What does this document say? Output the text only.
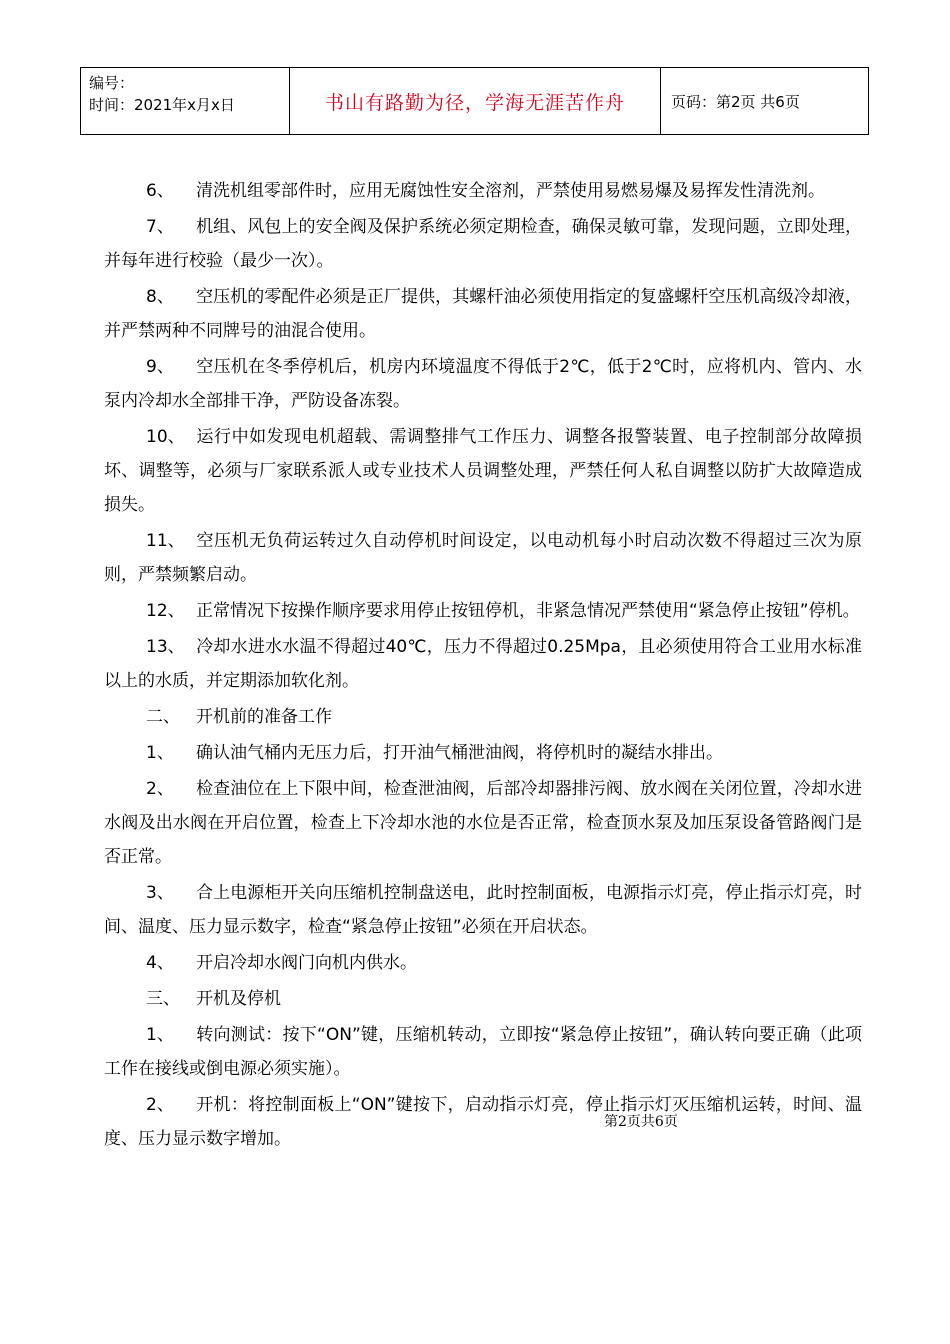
编号：
时间：2021年x月x日	书山有路勤为径，学海无涯苦作舟	页码：第2页 共6页

6、 清洗机组零部件时，应用无腐蚀性安全溶剂，严禁使用易燃易爆及易挥发性清洗剂。

7、 机组、风包上的安全阀及保护系统必须定期检查，确保灵敏可靠，发现问题，立即处理，并每年进行校验（最少一次）。

8、 空压机的零配件必须是正厂提供，其螺杆油必须使用指定的复盛螺杆空压机高级冷却液，并严禁两种不同牌号的油混合使用。

9、 空压机在冬季停机后，机房内环境温度不得低于2℃，低于2℃时，应将机内、管内、水泵内冷却水全部排干净，严防设备冻裂。

10、 运行中如发现电机超载、需调整排气工作压力、调整各报警装置、电子控制部分故障损坏、调整等，必须与厂家联系派人或专业技术人员调整处理，严禁任何人私自调整以防扩大故障造成损失。

11、 空压机无负荷运转过久自动停机时间设定，以电动机每小时启动次数不得超过三次为原则，严禁频繁启动。

12、 正常情况下按操作顺序要求用停止按钮停机，非紧急情况严禁使用“紧急停止按钮”停机。

13、 冷却水进水水温不得超过40℃，压力不得超过0.25Mpa，且必须使用符合工业用水标准以上的水质，并定期添加软化剂。

二、 开机前的准备工作

1、 确认油气桶内无压力后，打开油气桶泄油阀，将停机时的凝结水排出。

2、 检查油位在上下限中间，检查泄油阀，后部冷却器排污阀、放水阀在关闭位置，冷却水进水阀及出水阀在开启位置，检查上下冷却水池的水位是否正常，检查顶水泵及加压泵设备管路阀门是否正常。

3、 合上电源柜开关向压缩机控制盘送电，此时控制面板，电源指示灯亮，停止指示灯亮，时间、温度、压力显示数字，检查“紧急停止按钮”必须在开启状态。

4、 开启冷却水阀门向机内供水。

三、 开机及停机

1、 转向测试：按下“ON”键，压缩机转动，立即按“紧急停止按钮”，确认转向要正确（此项工作在接线或倒电源必须实施）。

2、 开机：将控制面板上“ON”键按下，启动指示灯亮，停止指示灯灭压缩机运转，时间、温度、压力显示数字增加。

第2页共6页
